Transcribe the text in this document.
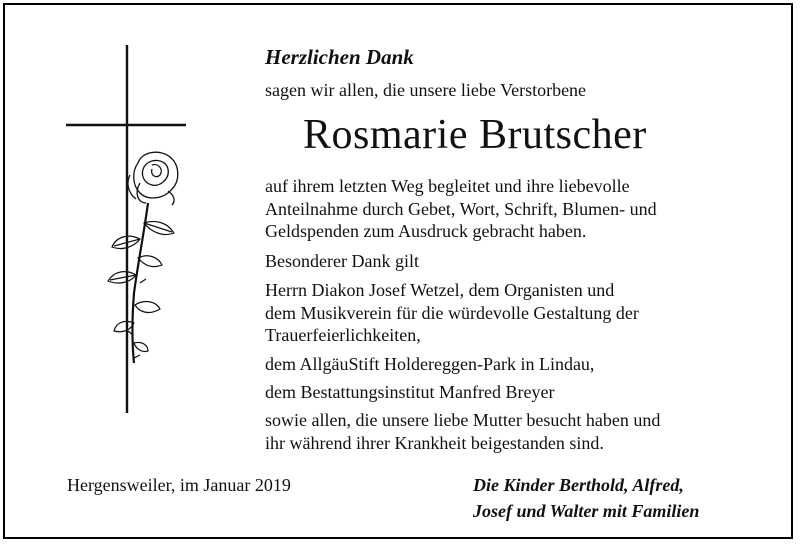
Herzlichen Dank
sagen wir allen, die unsere liebe Verstorbene
Rosmarie Brutscher
auf ihrem letzten Weg begleitet und ihre liebevolle
Anteilnahme durch Gebet, Wort, Schrift, Blumen- und
Geldspenden zum Ausdruck gebracht haben.
Besonderer Dank gilt
Herrn Diakon Josef Wetzel, dem Organisten und
dem Musikverein für die würdevolle Gestaltung der
Trauerfeierlichkeiten,
dem AllgäuStift Holdereggen-Park in Lindau,
dem Bestattungsinstitut Manfred Breyer
sowie allen, die unsere liebe Mutter besucht haben und
ihr während ihrer Krankheit beigestanden sind.
Hergensweiler, im Januar 2019	Die Kinder Berthold, Alfred,
Josef und Walter mit Familien
